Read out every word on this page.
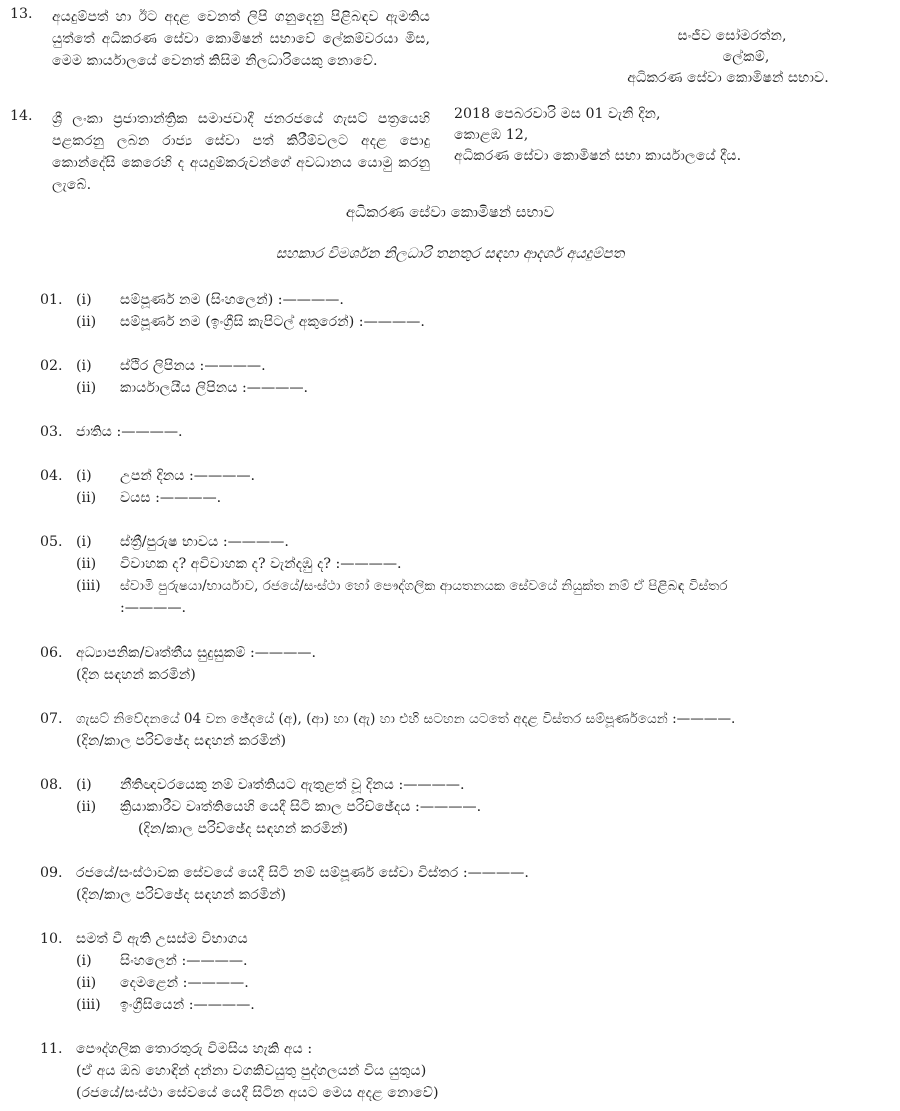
13. අයදුම්පත් හා ඊට අදළ වෙනත් ලිපි ගනුදෙනු පිළිබඳව ඇමතිය යුත්තේ අධිකරණ සේවා කොමිෂන් සභාවේ ලේකම්වරයා මිස, මෙම කාර්යාලයේ වෙනත් කිසිම නිලධාරියෙකු නොවේ.
සංජීව සෝමරත්න,
ලේකම්,
අධිකරණ සේවා කොමිෂන් සභාව.
14. ශ්‍රී ලංකා ප්‍රජාතාන්ත්‍රික සමාජවාදී ජනරජයේ ගැසට් පත්‍රයෙහි පළකරනු ලබන රාජ්‍ය සේවා පත් කිරීම්වලට අදළ පොදු කොන්දේසි කෙරෙහි ද අයදුම්කරුවන්ගේ අවධානය යොමු කරනු ලැබේ.
2018 පෙබරවාරි මස 01 වැනි දින,
කොළඹ 12,
අධිකරණ සේවා කොමිෂන් සභා කාර්යාලයේ දීය.
අධිකරණ සේවා කොමිෂන් සභාව
සහකාර විමර්ශන නිලධාරි තනතුර සඳහා ආදර්ශ අයදුම්පත
01. (i) සම්පූර්ණ නම (සිංහලෙන්) :————.
(ii) සම්පූර්ණ නම (ඉංග්‍රීසි කැපිටල් අකුරෙන්) :————.
02. (i) ස්ථිර ලිපිනය :————.
(ii) කාර්යාලයීය ලිපිනය :————.
03. ජාතිය :————.
04. (i) උපන් දිනය :————.
(ii) වයස :————.
05. (i) ස්ත්‍රී/පුරුෂ භාවය :————.
(ii) විවාහක ද? අවිවාහක ද? වැන්දඹු ද? :————.
(iii) ස්වාමි පුරුෂයා/භාර්යාව, රජයේ/සංස්ථා හෝ පෞද්ගලික ආයතනයක සේවයේ නියුක්ත නම් ඒ පිළිබඳ විස්තර
:————.
06. අධ්‍යාපනික/වෘත්තීය සුදුසුකම් :————.
(දින සඳහන් කරමින්)
07. ගැසට් නිවේදනයේ 04 වන ඡේදයේ (අ), (ආ) හා (ඇ) හා එහි සටහන යටතේ අදළ විස්තර සම්පූර්ණයෙන් :————.
(දින/කාල පරිච්ඡේද සඳහන් කරමින්)
08. (i) නීතිඥවරයෙකු නම් වෘත්තියට ඇතුළත් වූ දිනය :————.
(ii) ක්‍රියාකාරීව වෘත්තියෙහි යෙදී සිටි කාල පරිච්ඡේදය :————.
(දින/කාල පරිච්ඡේද සඳහන් කරමින්)
09. රජයේ/සංස්ථාවක සේවයේ යෙදී සිටි නම් සම්පූර්ණ සේවා විස්තර :————.
(දින/කාල පරිච්ඡේද සඳහන් කරමින්)
10. සමත් වී ඇති උසස්ම විභාගය
(i) සිංහලෙන් :————.
(ii) දෙමළෙන් :————.
(iii) ඉංග්‍රීසියෙන් :————.
11. පෞද්ගලික තොරතුරු විමසිය හැකි අය :
(ඒ අය ඔබ හොඳින් දන්නා වගකිවයුතු පුද්ගලයන් විය යුතුය)
(රජයේ/සංස්ථා සේවයේ යෙදී සිටින අයට මෙය අදළ නොවේ)
